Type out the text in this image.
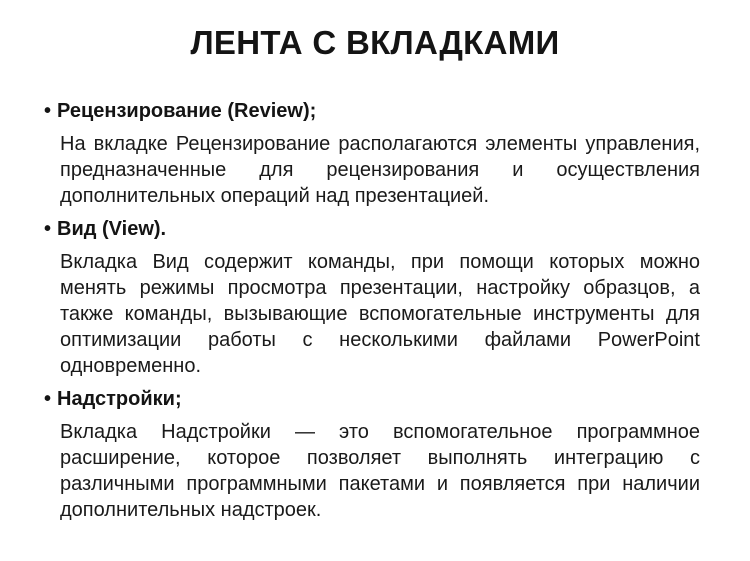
ЛЕНТА С ВКЛАДКАМИ
• Рецензирование (Review);
На вкладке Рецензирование располагаются элементы управления, предназначенные для рецензирования и осуществления дополнительных операций над презентацией.
• Вид (View).
Вкладка Вид содержит команды, при помощи которых можно менять режимы просмотра презентации, настройку образцов, а также команды, вызывающие вспомогательные инструменты для оптимизации работы с несколькими файлами PowerPoint одновременно.
• Надстройки;
Вкладка Надстройки — это вспомогательное программное расширение, которое позволяет выполнять интеграцию с различными программными пакетами и появляется при наличии дополнительных надстроек.
